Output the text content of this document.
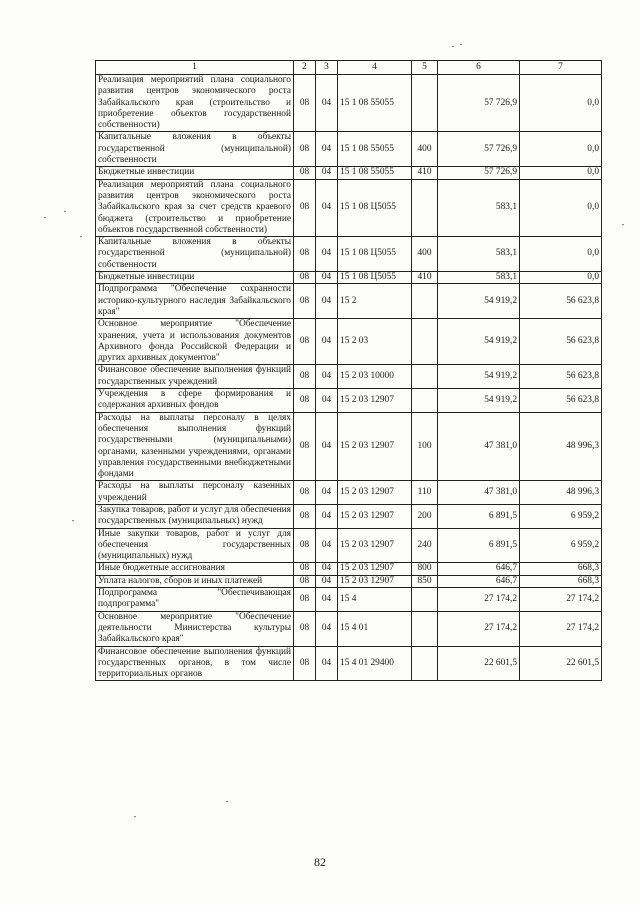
1	2	3	4	5	6	7
Реализация мероприятий плана социального развития центров экономического роста Забайкальского края (строительство и приобретение объектов государственной собственности)	08	04	15 1 08 55055		57 726,9	0,0
Капитальные вложения в объекты государственной (муниципальной) собственности	08	04	15 1 08 55055	400	57 726,9	0,0
Бюджетные инвестиции	08	04	15 1 08 55055	410	57 726,9	0,0
Реализация мероприятий плана социального развития центров экономического роста Забайкальского края за счет средств краевого бюджета (строительство и приобретение объектов государственной собственности)	08	04	15 1 08 Ц5055		583,1	0,0
Капитальные вложения в объекты государственной (муниципальной) собственности	08	04	15 1 08 Ц5055	400	583,1	0,0
Бюджетные инвестиции	08	04	15 1 08 Ц5055	410	583,1	0,0
Подпрограмма "Обеспечение сохранности историко-культурного наследия Забайкальского края"	08	04	15 2		54 919,2	56 623,8
Основное мероприятие "Обеспечение хранения, учета и использования документов Архивного фонда Российской Федерации и других архивных документов"	08	04	15 2 03		54 919,2	56 623,8
Финансовое обеспечение выполнения функций государственных учреждений	08	04	15 2 03 10000		54 919,2	56 623,8
Учреждения в сфере формирования и содержания архивных фондов	08	04	15 2 03 12907		54 919,2	56 623,8
Расходы на выплаты персоналу в целях обеспечения выполнения функций государственными (муниципальными) органами, казенными учреждениями, органами управления государственными внебюджетными фондами	08	04	15 2 03 12907	100	47 381,0	48 996,3
Расходы на выплаты персоналу казенных учреждений	08	04	15 2 03 12907	110	47 381,0	48 996,3
Закупка товаров, работ и услуг для обеспечения государственных (муниципальных) нужд	08	04	15 2 03 12907	200	6 891,5	6 959,2
Иные закупки товаров, работ и услуг для обеспечения государственных (муниципальных) нужд	08	04	15 2 03 12907	240	6 891,5	6 959,2
Иные бюджетные ассигнования	08	04	15 2 03 12907	800	646,7	668,3
Уплата налогов, сборов и иных платежей	08	04	15 2 03 12907	850	646,7	668,3
Подпрограмма "Обеспечивающая подпрограмма"	08	04	15 4		27 174,2	27 174,2
Основное мероприятие "Обеспечение деятельности Министерства культуры Забайкальского края"	08	04	15 4 01		27 174,2	27 174,2
Финансовое обеспечение выполнения функций государственных органов, в том числе территориальных органов	08	04	15 4 01 29400		22 601,5	22 601,5
82
